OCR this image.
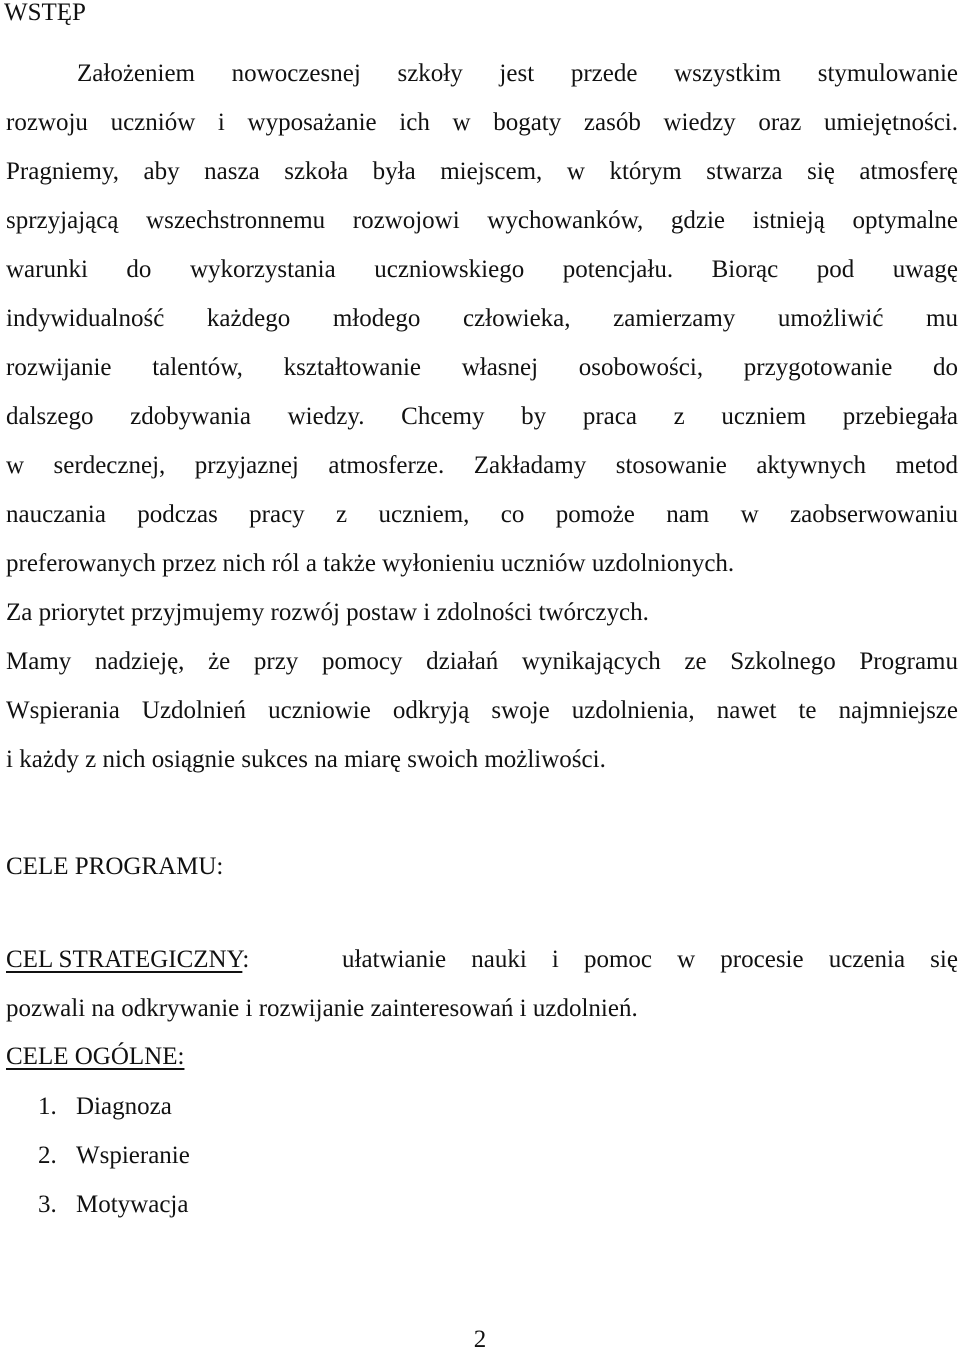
WSTĘP
Założeniem nowoczesnej szkoły jest przede wszystkim stymulowanie
rozwoju uczniów i wyposażanie ich w bogaty zasób wiedzy oraz umiejętności.
Pragniemy, aby nasza szkoła była miejscem, w którym stwarza się atmosferę
sprzyjającą wszechstronnemu rozwojowi wychowanków, gdzie istnieją optymalne
warunki do wykorzystania uczniowskiego potencjału. Biorąc pod uwagę
indywidualność każdego młodego człowieka, zamierzamy umożliwić mu
rozwijanie talentów, kształtowanie własnej osobowości, przygotowanie do
dalszego zdobywania wiedzy. Chcemy by praca z uczniem przebiegała
w serdecznej, przyjaznej atmosferze. Zakładamy stosowanie aktywnych metod
nauczania podczas pracy z uczniem, co pomoże nam w zaobserwowaniu
preferowanych przez nich ról a także wyłonieniu uczniów uzdolnionych.
Za priorytet przyjmujemy rozwój postaw i zdolności twórczych.
Mamy nadzieję, że przy pomocy działań wynikających ze Szkolnego Programu
Wspierania Uzdolnień uczniowie odkryją swoje uzdolnienia, nawet te najmniejsze
i każdy z nich osiągnie sukces na miarę swoich możliwości.
CELE PROGRAMU:
CEL STRATEGICZNY:	ułatwianie nauki i pomoc w procesie uczenia się
pozwali na odkrywanie i rozwijanie zainteresowań i uzdolnień.
CELE OGÓLNE:
1. Diagnoza
2. Wspieranie
3. Motywacja
2
